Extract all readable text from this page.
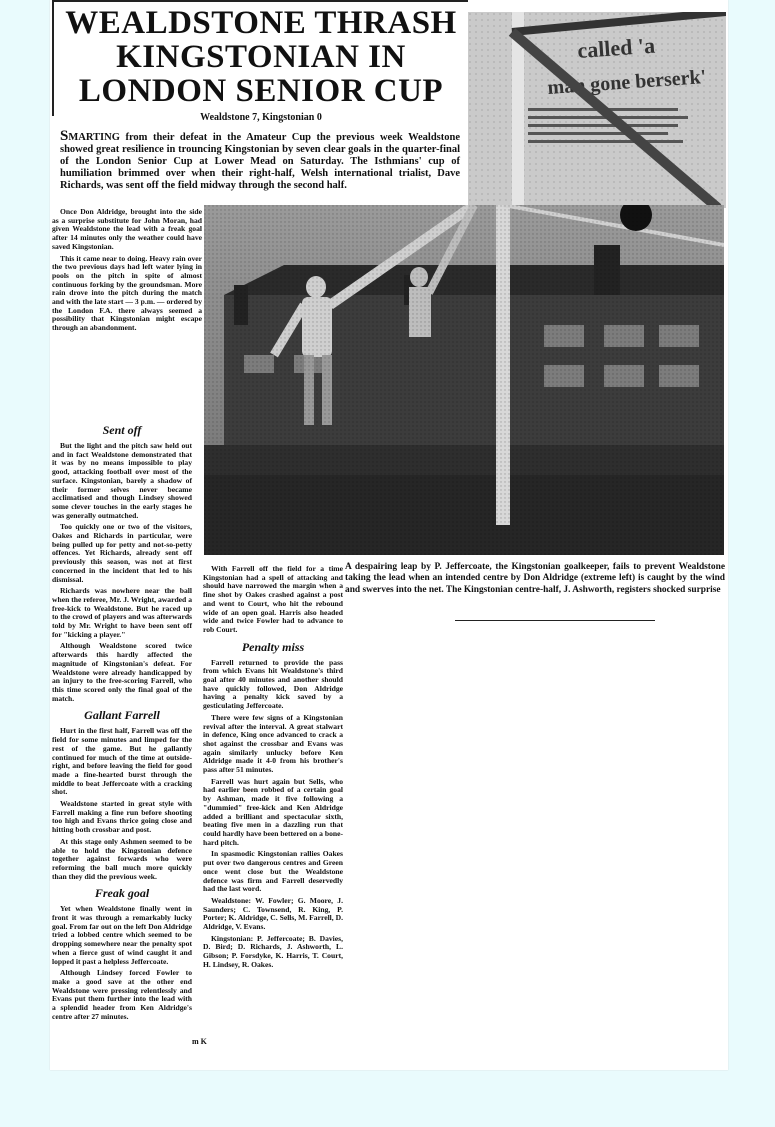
called 'a
man gone berserk'
WEALDSTONE THRASH KINGSTONIAN IN LONDON SENIOR CUP
Wealdstone 7, Kingstonian 0
SMARTING from their defeat in the Amateur Cup the previous week Wealdstone showed great resilience in trouncing Kingstonian by seven clear goals in the quarter-final of the London Senior Cup at Lower Mead on Saturday. The Isthmians' cup of humiliation brimmed over when their right-half, Welsh international trialist, Dave Richards, was sent off the field midway through the second half.
A despairing leap by P. Jeffercoate, the Kingstonian goalkeeper, fails to prevent Wealdstone taking the lead when an intended centre by Don Aldridge (extreme left) is caught by the wind and swerves into the net. The Kingstonian centre-half, J. Ashworth, registers shocked surprise

Once Don Aldridge, brought into the side as a surprise substitute for John Moran, had given Wealdstone the lead with a freak goal after 14 minutes only the weather could have saved Kingstonian.

This it came near to doing. Heavy rain over the two previous days had left water lying in pools on the pitch in spite of almost continuous forking by the groundsman. More rain drove into the pitch during the match and with the late start — 3 p.m. — ordered by the London F.A. there always seemed a possibility that Kingstonian might escape through an abandonment.

Sent off

But the light and the pitch saw held out and in fact Wealdstone demonstrated that it was by no means impossible to play good, attacking football over most of the surface. Kingstonian, barely a shadow of their former selves never became acclimatised and though Lindsey showed some clever touches in the early stages he was generally outmatched.

Too quickly one or two of the visitors, Oakes and Richards in particular, were being pulled up for petty and not-so-petty offences. Yet Richards, already sent off previously this season, was not at first concerned in the incident that led to his dismissal.

Richards was nowhere near the ball when the referee, Mr. J. Wright, awarded a free-kick to Wealdstone. But he raced up to the crowd of players and was afterwards told by Mr. Wright to have been sent off for "kicking a player."

Although Wealdstone scored twice afterwards this hardly affected the magnitude of Kingstonian's defeat. For Wealdstone were already handicapped by an injury to the free-scoring Farrell, who this time scored only the final goal of the match.

Gallant Farrell

Hurt in the first half, Farrell was off the field for some minutes and limped for the rest of the game. But he gallantly continued for much of the time at outside-right, and before leaving the field for good made a fine-hearted burst through the middle to beat Jeffercoate with a cracking shot.

Wealdstone started in great style with Farrell making a fine run before shooting too high and Evans thrice going close and hitting both crossbar and post.

At this stage only Ashmen seemed to be able to hold the Kingstonian defence together against forwards who were reforming the ball much more quickly than they did the previous week.

Freak goal

Yet when Wealdstone finally went in front it was through a remarkably lucky goal. From far out on the left Don Aldridge tried a lobbed centre which seemed to be dropping somewhere near the penalty spot when a fierce gust of wind caught it and lopped it past a helpless Jeffercoate.

Although Lindsey forced Fowler to make a good save at the other end Wealdstone were pressing relentlessly and Evans put them further into the lead with a splendid header from Ken Aldridge's centre after 27 minutes.

With Farrell off the field for a time Kingstonian had a spell of attacking and should have narrowed the margin when a fine shot by Oakes crashed against a post and went to Court, who hit the rebound wide of an open goal. Harris also headed wide and twice Fowler had to advance to rob Court.

Penalty miss

Farrell returned to provide the pass from which Evans hit Wealdstone's third goal after 40 minutes and another should have quickly followed, Don Aldridge having a penalty kick saved by a gesticulating Jeffercoate.

There were few signs of a Kingstonian revival after the interval. A great stalwart in defence, King once advanced to crack a shot against the crossbar and Evans was again similarly unlucky before Ken Aldridge made it 4-0 from his brother's pass after 51 minutes.

Farrell was hurt again but Sells, who had earlier been robbed of a certain goal by Ashman, made it five following a "dummied" free-kick and Ken Aldridge added a brilliant and spectacular sixth, beating five men in a dazzling run that could hardly have been bettered on a bone-hard pitch.

In spasmodic Kingstonian rallies Oakes put over two dangerous centres and Green once went close but the Wealdstone defence was firm and Farrell deservedly had the last word.

Wealdstone: W. Fowler; G. Moore, J. Saunders; C. Townsend, R. King, P. Porter; K. Aldridge, C. Sells, M. Farrell, D. Aldridge, V. Evans.

Kingstonian: P. Jeffercoate; B. Davies, D. Bird; D. Richards, J. Ashworth, L. Gibson; P. Forsdyke, K. Harris, T. Court, H. Lindsey, R. Oakes.

m K
